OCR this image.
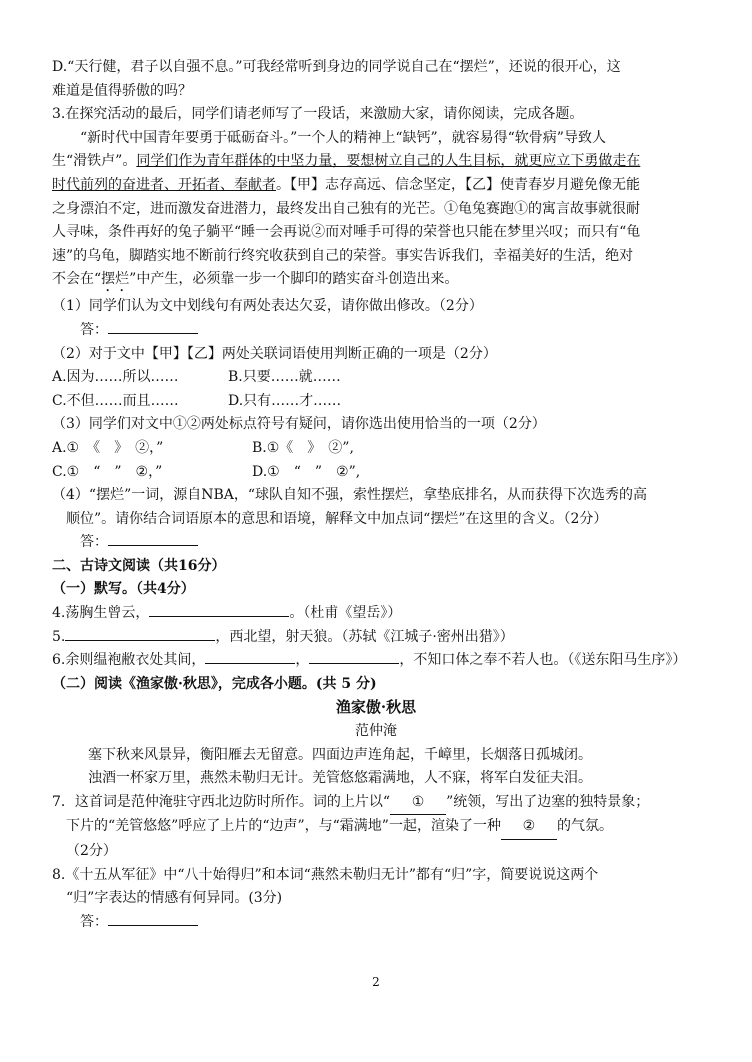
D.“天行健，君子以自强不息。”可我经常听到身边的同学说自己在“摆烂”，还说的很开心，这
难道是值得骄傲的吗？
3.在探究活动的最后，同学们请老师写了一段话，来激励大家，请你阅读，完成各题。
“新时代中国青年要勇于砥砺奋斗。”一个人的精神上“缺钙”，就容易得“软骨病”导致人
生“滑铁卢”。同学们作为青年群体的中坚力量，要想树立自己的人生目标，就更应立下勇做走在
时代前列的奋进者、开拓者、奉献者。【甲】志存高远、信念坚定，【乙】使青春岁月避免像无能
之身漂泊不定，进而激发奋进潜力，最终发出自己独有的光芒。①龟兔赛跑①的寓言故事就很耐
人寻味，条件再好的兔子躺平“睡一会再说②而对唾手可得的荣誉也只能在梦里兴叹；而只有“龟
速”的乌龟，脚踏实地不断前行终究收获到自己的荣誉。事实告诉我们，幸福美好的生活，绝对
不会在“摆烂”中产生，必须靠一步一个脚印的踏实奋斗创造出来。
（1）同学们认为文中划线句有两处表达欠妥，请你做出修改。（2分）
答：
（2）对于文中【甲】【乙】两处关联词语使用判断正确的一项是（2分）
A.因为……所以……	B.只要……就……
C.不但……而且……	D.只有……才……
（3）同学们对文中①②两处标点符号有疑问，请你选出使用恰当的一项（2分）
A.①　《　》　②，”	B.①《　》　②”,
C.①　“　”　②，”	D.①　“　”　②”,
（4）“摆烂”一词，源自NBA，“球队自知不强，索性摆烂，拿垫底排名，从而获得下次选秀的高
顺位”。请你结合词语原本的意思和语境，解释文中加点词“摆烂”在这里的含义。（2分）
答：
二、古诗文阅读（共16分）
（一）默写。（共4分）
4.荡胸生曾云，	。（杜甫《望岳》）
5.	，西北望，射天狼。（苏轼《江城子·密州出猎》）
6.余则缊袍敝衣处其间，	，	，不知口体之奉不若人也。（《送东阳马生序》）
（二）阅读《渔家傲·秋思》，完成各小题。(共 5 分)
渔家傲·秋思
范仲淹
塞下秋来风景异，衡阳雁去无留意。四面边声连角起，千嶂里，长烟落日孤城闭。
浊酒一杯家万里，燕然未勒归无计。羌管悠悠霜满地，人不寐，将军白发征夫泪。
7．这首词是范仲淹驻守西北边防时所作。词的上片以“ ① ”统领，写出了边塞的独特景象；
下片的“羌管悠悠”呼应了上片的“边声”，与“霜满地”一起，渲染了一种 ② 的气氛。
（2分）
8.《十五从军征》中“八十始得归”和本词“燕然未勒归无计”都有“归”字，简要说说这两个
“归”字表达的情感有何异同。(3分)
答：
2
